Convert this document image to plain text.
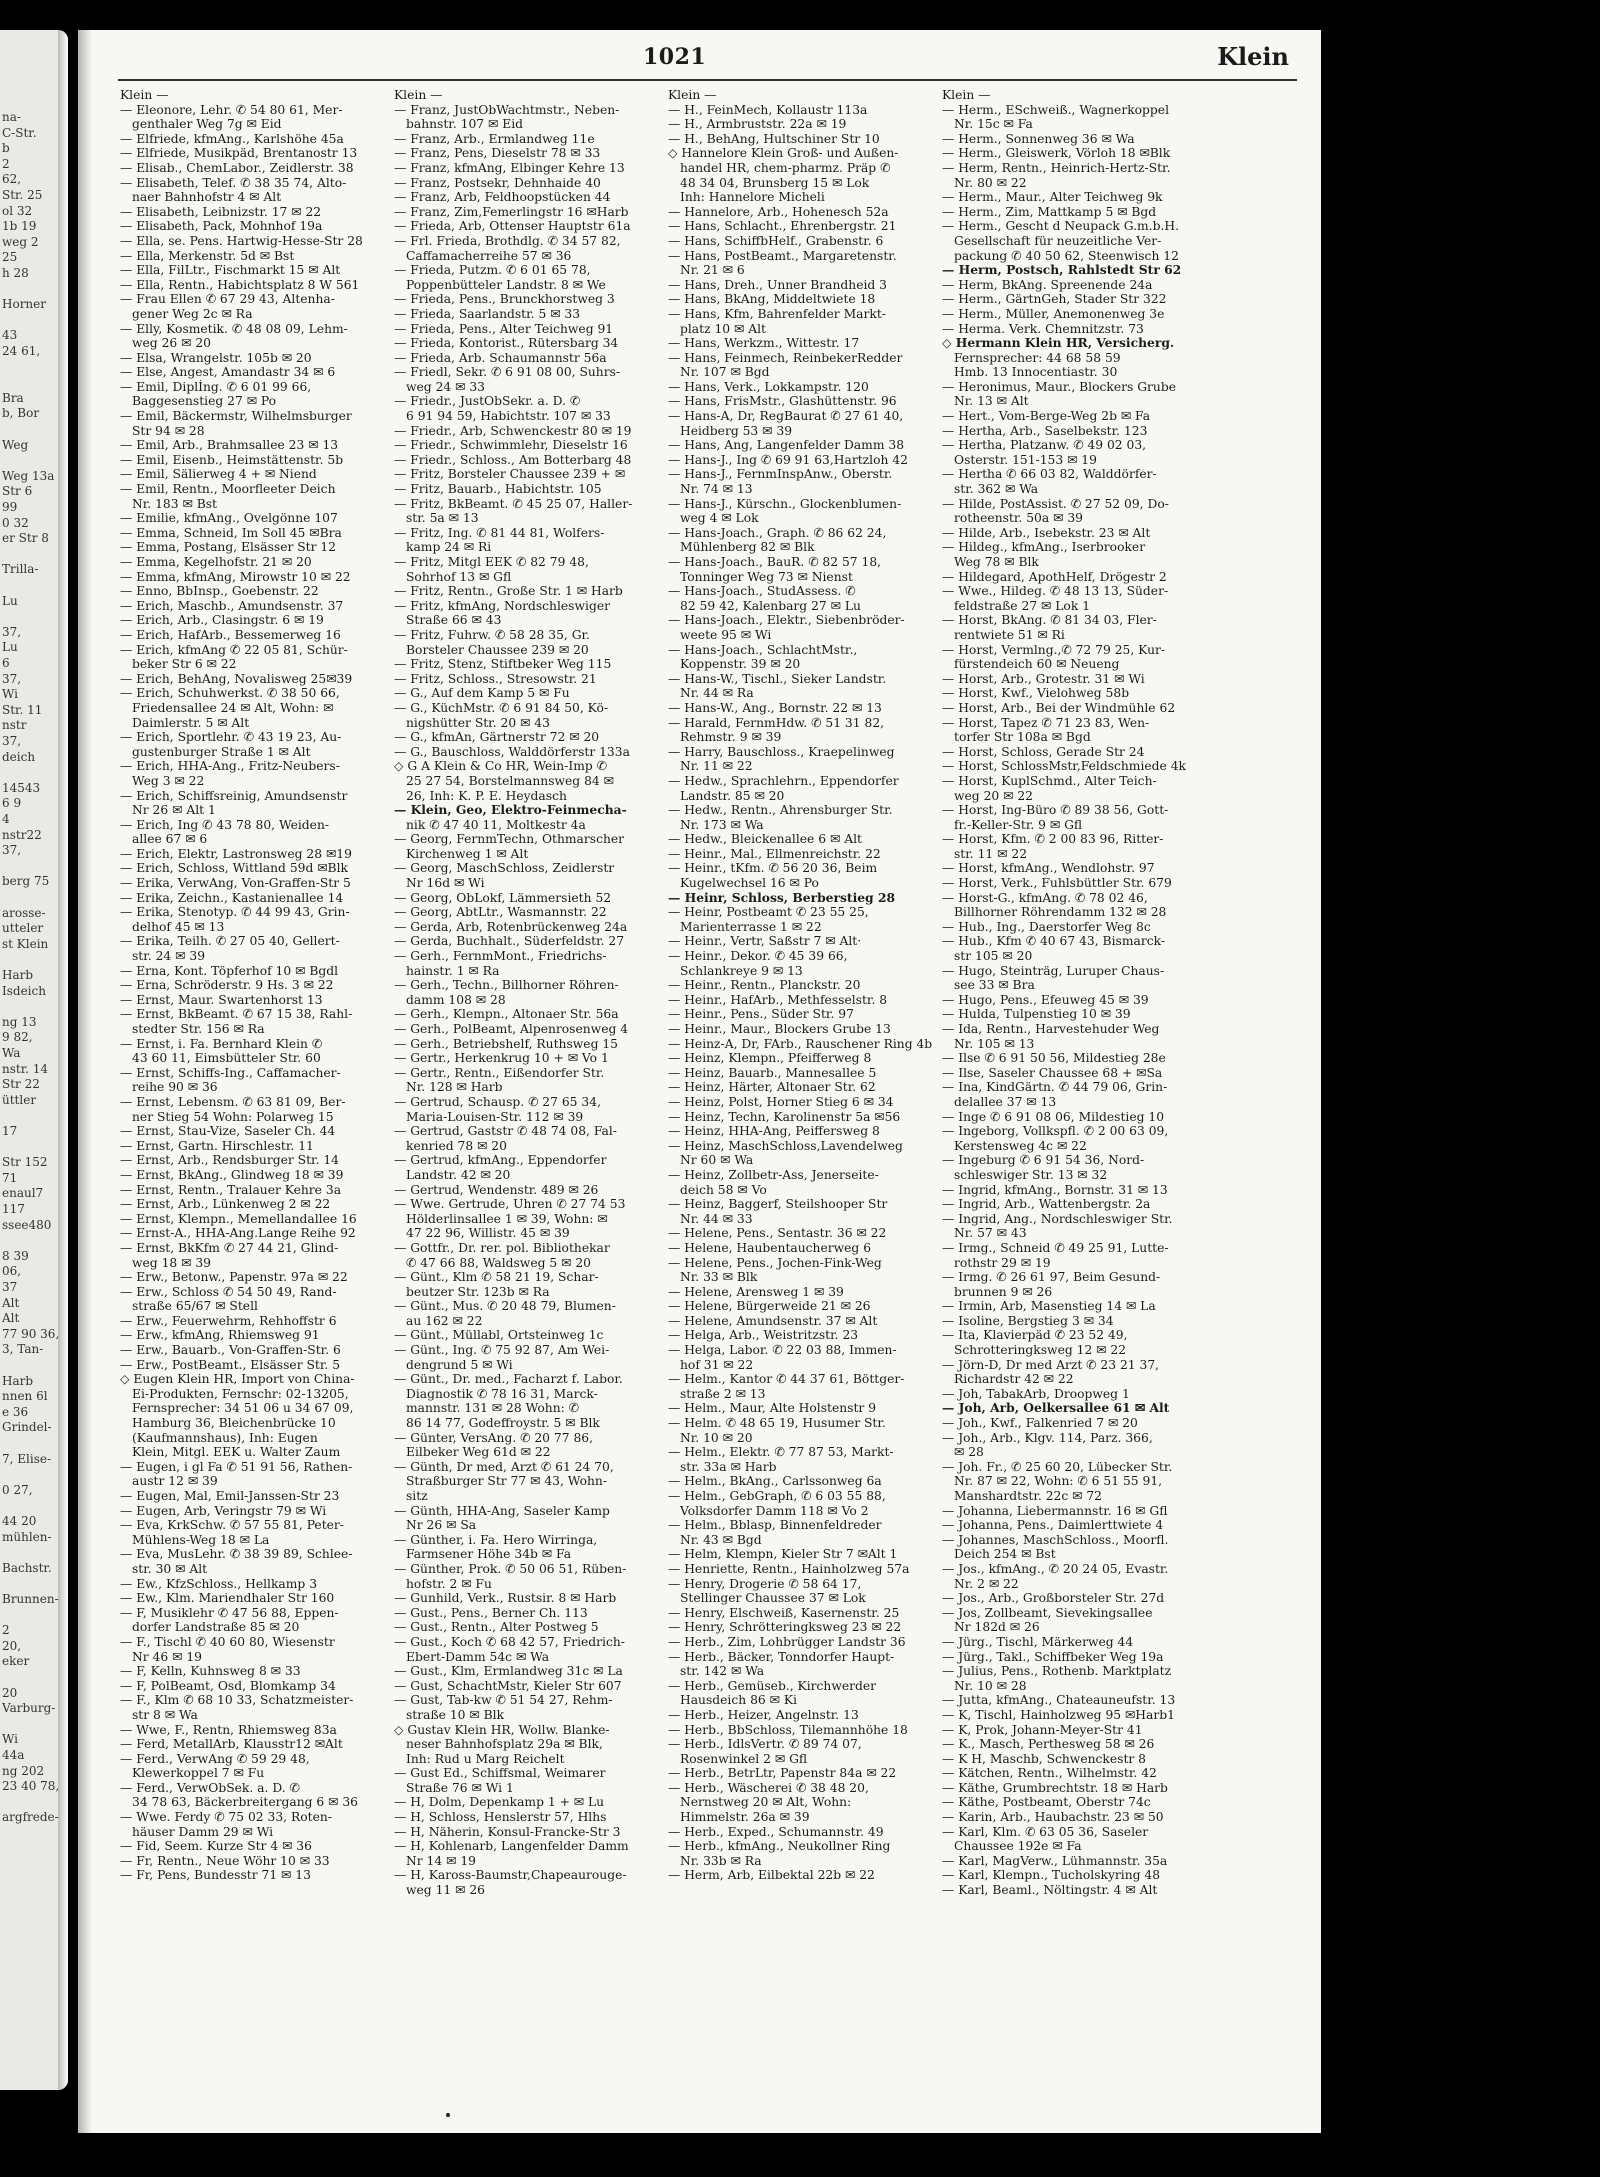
na-
C-Str.
b
2
62,
Str. 25
ol 32
1b 19
weg 2
25
h 28
Horner
43
24 61,
Bra
b, Bor
Weg
Weg 13a
Str 6
99
0 32
er Str 8
Trilla-
Lu
37,
Lu
6
37,
Wi
Str. 11
nstr
37,
deich
14543
6 9
4
nstr22
37,
berg 75
arosse-
utteler
st Klein
Harb
Isdeich
ng 13
9 82,
Wa
nstr. 14
Str 22
üttler
17
Str 152
71
enaul7
117
ssee480
8 39
06,
37
Alt
Alt
77 90 36,
3, Tan-
Harb
nnen 6l
e 36
Grindel-
7, Elise-
0 27,
44 20
mühlen-
Bachstr.
Brunnen-
2
20,
eker
20
Varburg-
Wi
44a
ng 202
23 40 78,
argfrede-
1021	Klein
Klein —
— Eleonore, Lehr. ✆ 54 80 61, Mer-
genthaler Weg 7g ✉ Eid
— Elfriede, kfmAng., Karlshöhe 45a
— Elfriede, Musikpäd, Brentanostr 13
— Elisab., ChemLabor., Zeidlerstr. 38
— Elisabeth, Telef. ✆ 38 35 74, Alto-
naer Bahnhofstr 4 ✉ Alt
— Elisabeth, Leibnizstr. 17 ✉ 22
— Elisabeth, Pack, Mohnhof 19a
— Ella, se. Pens. Hartwig-Hesse-Str 28
— Ella, Merkenstr. 5d ✉ Bst
— Ella, FilLtr., Fischmarkt 15 ✉ Alt
— Ella, Rentn., Habichtsplatz 8 W 561
— Frau Ellen ✆ 67 29 43, Altenha-
gener Weg 2c ✉ Ra
— Elly, Kosmetik. ✆ 48 08 09, Lehm-
weg 26 ✉ 20
— Elsa, Wrangelstr. 105b ✉ 20
— Else, Angest, Amandastr 34 ✉ 6
— Emil, Diplİng. ✆ 6 01 99 66,
Baggesenstieg 27 ✉ Po
— Emil, Bäckermstr, Wilhelmsburger
Str 94 ✉ 28
— Emil, Arb., Brahmsallee 23 ✉ 13
— Emil, Eisenb., Heimstättenstr. 5b
— Emil, Sälierweg 4 + ✉ Niend
— Emil, Rentn., Moorfleeter Deich
Nr. 183 ✉ Bst
— Emilie, kfmAng., Ovelgönne 107
— Emma, Schneid, Im Soll 45 ✉Bra
— Emma, Postang, Elsässer Str 12
— Emma, Kegelhofstr. 21 ✉ 20
— Emma, kfmAng, Mirowstr 10 ✉ 22
— Enno, BbInsp., Goebenstr. 22
— Erich, Maschb., Amundsenstr. 37
— Erich, Arb., Clasingstr. 6 ✉ 19
— Erich, HafArb., Bessemerweg 16
— Erich, kfmAng ✆ 22 05 81, Schür-
beker Str 6 ✉ 22
— Erich, BehAng, Novalisweg 25✉39
— Erich, Schuhwerkst. ✆ 38 50 66,
Friedensallee 24 ✉ Alt, Wohn: ✉
Daimlerstr. 5 ✉ Alt
— Erich, Sportlehr. ✆ 43 19 23, Au-
gustenburger Straße 1 ✉ Alt
— Erich, HHA-Ang., Fritz-Neubers-
Weg 3 ✉ 22
— Erich, Schiffsreinig, Amundsenstr
Nr 26 ✉ Alt 1
— Erich, Ing ✆ 43 78 80, Weiden-
allee 67 ✉ 6
— Erich, Elektr, Lastronsweg 28 ✉19
— Erich, Schloss, Wittland 59d ✉Blk
— Erika, VerwAng, Von-Graffen-Str 5
— Erika, Zeichn., Kastanienallee 14
— Erika, Stenotyp. ✆ 44 99 43, Grin-
delhof 45 ✉ 13
— Erika, Teilh. ✆ 27 05 40, Gellert-
str. 24 ✉ 39
— Erna, Kont. Töpferhof 10 ✉ Bgdl
— Erna, Schröderstr. 9 Hs. 3 ✉ 22
— Ernst, Maur. Swartenhorst 13
— Ernst, BkBeamt. ✆ 67 15 38, Rahl-
stedter Str. 156 ✉ Ra
— Ernst, i. Fa. Bernhard Klein ✆
43 60 11, Eimsbütteler Str. 60
— Ernst, Schiffs-Ing., Caffamacher-
reihe 90 ✉ 36
— Ernst, Lebensm. ✆ 63 81 09, Ber-
ner Stieg 54 Wohn: Polarweg 15
— Ernst, Stau-Vize, Saseler Ch. 44
— Ernst, Gartn. Hirschlestr. 11
— Ernst, Arb., Rendsburger Str. 14
— Ernst, BkAng., Glindweg 18 ✉ 39
— Ernst, Rentn., Tralauer Kehre 3a
— Ernst, Arb., Lünkenweg 2 ✉ 22
— Ernst, Klempn., Memellandallee 16
— Ernst-A., HHA-Ang.Lange Reihe 92
— Ernst, BkKfm ✆ 27 44 21, Glind-
weg 18 ✉ 39
— Erw., Betonw., Papenstr. 97a ✉ 22
— Erw., Schloss ✆ 54 50 49, Rand-
straße 65/67 ✉ Stell
— Erw., Feuerwehrm, Rehhoffstr 6
— Erw., kfmAng, Rhiemsweg 91
— Erw., Bauarb., Von-Graffen-Str. 6
— Erw., PostBeamt., Elsässer Str. 5
◇ Eugen Klein HR, Import von China-
Ei-Produkten, Fernschr: 02-13205,
Fernsprecher: 34 51 06 u 34 67 09,
Hamburg 36, Bleichenbrücke 10
(Kaufmannshaus), Inh: Eugen
Klein, Mitgl. EEK u. Walter Zaum
— Eugen, i gl Fa ✆ 51 91 56, Rathen-
austr 12 ✉ 39
— Eugen, Mal, Emil-Janssen-Str 23
— Eugen, Arb, Veringstr 79 ✉ Wi
— Eva, KrkSchw. ✆ 57 55 81, Peter-
Mühlens-Weg 18 ✉ La
— Eva, MusLehr. ✆ 38 39 89, Schlee-
str. 30 ✉ Alt
— Ew., KfzSchloss., Hellkamp 3
— Ew., Klm. Mariendhaler Str 160
— F, Musiklehr ✆ 47 56 88, Eppen-
dorfer Landstraße 85 ✉ 20
— F., Tischl ✆ 40 60 80, Wiesenstr
Nr 46 ✉ 19
— F, Kelln, Kuhnsweg 8 ✉ 33
— F, PolBeamt, Osd, Blomkamp 34
— F., Klm ✆ 68 10 33, Schatzmeister-
str 8 ✉ Wa
— Wwe, F., Rentn, Rhiemsweg 83a
— Ferd, MetallArb, Klausstr12 ✉Alt
— Ferd., VerwAng ✆ 59 29 48,
Klewerkoppel 7 ✉ Fu
— Ferd., VerwObSek. a. D. ✆
34 78 63, Bäckerbreitergang 6 ✉ 36
— Wwe. Ferdy ✆ 75 02 33, Roten-
häuser Damm 29 ✉ Wi
— Fid, Seem. Kurze Str 4 ✉ 36
— Fr, Rentn., Neue Wöhr 10 ✉ 33
— Fr, Pens, Bundesstr 71 ✉ 13
Klein —
— Franz, JustObWachtmstr., Neben-
bahnstr. 107 ✉ Eid
— Franz, Arb., Ermlandweg 11e
— Franz, Pens, Dieselstr 78 ✉ 33
— Franz, kfmAng, Elbinger Kehre 13
— Franz, Postsekr, Dehnhaide 40
— Franz, Arb, Feldhoopstücken 44
— Franz, Zim,Femerlingstr 16 ✉Harb
— Frieda, Arb, Ottenser Hauptstr 61a
— Frl. Frieda, Brothdlg. ✆ 34 57 82,
Caffamacherreihe 57 ✉ 36
— Frieda, Putzm. ✆ 6 01 65 78,
Poppenbütteler Landstr. 8 ✉ We
— Frieda, Pens., Brunckhorstweg 3
— Frieda, Saarlandstr. 5 ✉ 33
— Frieda, Pens., Alter Teichweg 91
— Frieda, Kontorist., Rütersbarg 34
— Frieda, Arb. Schaumannstr 56a
— Friedl, Sekr. ✆ 6 91 08 00, Suhrs-
weg 24 ✉ 33
— Friedr., JustObSekr. a. D. ✆
6 91 94 59, Habichtstr. 107 ✉ 33
— Friedr., Arb, Schwenckestr 80 ✉ 19
— Friedr., Schwimmlehr, Dieselstr 16
— Friedr., Schloss., Am Botterbarg 48
— Fritz, Borsteler Chaussee 239 + ✉
— Fritz, Bauarb., Habichtstr. 105
— Fritz, BkBeamt. ✆ 45 25 07, Haller-
str. 5a ✉ 13
— Fritz, Ing. ✆ 81 44 81, Wolfers-
kamp 24 ✉ Ri
— Fritz, Mitgl EEK ✆ 82 79 48,
Sohrhof 13 ✉ Gfl
— Fritz, Rentn., Große Str. 1 ✉ Harb
— Fritz, kfmAng, Nordschleswiger
Straße 66 ✉ 43
— Fritz, Fuhrw. ✆ 58 28 35, Gr.
Borsteler Chaussee 239 ✉ 20
— Fritz, Stenz, Stiftbeker Weg 115
— Fritz, Schloss., Stresowstr. 21
— G., Auf dem Kamp 5 ✉ Fu
— G., KüchMstr. ✆ 6 91 84 50, Kö-
nigshütter Str. 20 ✉ 43
— G., kfmAn, Gärtnerstr 72 ✉ 20
— G., Bauschloss, Walddörferstr 133a
◇ G A Klein & Co HR, Wein-Imp ✆
25 27 54, Borstelmannsweg 84 ✉
26, Inh: K. P. E. Heydasch
— Klein, Geo, Elektro-Feinmecha-
nik ✆ 47 40 11, Moltkestr 4a
— Georg, FernmTechn, Othmarscher
Kirchenweg 1 ✉ Alt
— Georg, MaschSchloss, Zeidlerstr
Nr 16d ✉ Wi
— Georg, ObLokf, Lämmersieth 52
— Georg, AbtLtr., Wasmannstr. 22
— Gerda, Arb, Rotenbrückenweg 24a
— Gerda, Buchhalt., Süderfeldstr. 27
— Gerh., FernmMont., Friedrichs-
hainstr. 1 ✉ Ra
— Gerh., Techn., Billhorner Röhren-
damm 108 ✉ 28
— Gerh., Klempn., Altonaer Str. 56a
— Gerh., PolBeamt, Alpenrosenweg 4
— Gerh., Betriebshelf, Ruthsweg 15
— Gertr., Herkenkrug 10 + ✉ Vo 1
— Gertr., Rentn., Eißendorfer Str.
Nr. 128 ✉ Harb
— Gertrud, Schausp. ✆ 27 65 34,
Maria-Louisen-Str. 112 ✉ 39
— Gertrud, Gaststr ✆ 48 74 08, Fal-
kenried 78 ✉ 20
— Gertrud, kfmAng., Eppendorfer
Landstr. 42 ✉ 20
— Gertrud, Wendenstr. 489 ✉ 26
— Wwe. Gertrude, Uhren ✆ 27 74 53
Hölderlinsallee 1 ✉ 39, Wohn: ✉
47 22 96, Willistr. 45 ✉ 39
— Gottfr., Dr. rer. pol. Bibliothekar
✆ 47 66 88, Waldsweg 5 ✉ 20
— Günt., Klm ✆ 58 21 19, Schar-
beutzer Str. 123b ✉ Ra
— Günt., Mus. ✆ 20 48 79, Blumen-
au 162 ✉ 22
— Günt., Müllabl, Ortsteinweg 1c
— Günt., Ing. ✆ 75 92 87, Am Wei-
dengrund 5 ✉ Wi
— Günt., Dr. med., Facharzt f. Labor.
Diagnostik ✆ 78 16 31, Marck-
mannstr. 131 ✉ 28 Wohn: ✆
86 14 77, Godeffroystr. 5 ✉ Blk
— Günter, VersAng. ✆ 20 77 86,
Eilbeker Weg 61d ✉ 22
— Günth, Dr med, Arzt ✆ 61 24 70,
Straßburger Str 77 ✉ 43, Wohn-
sitz
— Günth, HHA-Ang, Saseler Kamp
Nr 26 ✉ Sa
— Günther, i. Fa. Hero Wirringa,
Farmsener Höhe 34b ✉ Fa
— Günther, Prok. ✆ 50 06 51, Rüben-
hofstr. 2 ✉ Fu
— Gunhild, Verk., Rustsir. 8 ✉ Harb
— Gust., Pens., Berner Ch. 113
— Gust., Rentn., Alter Postweg 5
— Gust., Koch ✆ 68 42 57, Friedrich-
Ebert-Damm 54c ✉ Wa
— Gust., Klm, Ermlandweg 31c ✉ La
— Gust, SchachtMstr, Kieler Str 607
— Gust, Tab-kw ✆ 51 54 27, Rehm-
straße 10 ✉ Blk
◇ Gustav Klein HR, Wollw. Blanke-
neser Bahnhofsplatz 29a ✉ Blk,
Inh: Rud u Marg Reichelt
— Gust Ed., Schiffsmal, Weimarer
Straße 76 ✉ Wi 1
— H, Dolm, Depenkamp 1 + ✉ Lu
— H, Schloss, Henslerstr 57, Hlhs
— H, Näherin, Konsul-Francke-Str 3
— H, Kohlenarb, Langenfelder Damm
Nr 14 ✉ 19
— H, Kaross-Baumstr,Chapeaurouge-
weg 11 ✉ 26
Klein —
— H., FeinMech, Kollaustr 113a
— H., Armbruststr. 22a ✉ 19
— H., BehAng, Hultschiner Str 10
◇ Hannelore Klein Groß- und Außen-
handel HR, chem-pharmz. Präp ✆
48 34 04, Brunsberg 15 ✉ Lok
Inh: Hannelore Micheli
— Hannelore, Arb., Hohenesch 52a
— Hans, Schlacht., Ehrenbergstr. 21
— Hans, SchiffbHelf., Grabenstr. 6
— Hans, PostBeamt., Margaretenstr.
Nr. 21 ✉ 6
— Hans, Dreh., Unner Brandheid 3
— Hans, BkAng, Middeltwiete 18
— Hans, Kfm, Bahrenfelder Markt-
platz 10 ✉ Alt
— Hans, Werkzm., Wittestr. 17
— Hans, Feinmech, ReinbekerRedder
Nr. 107 ✉ Bgd
— Hans, Verk., Lokkampstr. 120
— Hans, FrisMstr., Glashüttenstr. 96
— Hans-A, Dr, RegBaurat ✆ 27 61 40,
Heidberg 53 ✉ 39
— Hans, Ang, Langenfelder Damm 38
— Hans-J., Ing ✆ 69 91 63,Hartzloh 42
— Hans-J., FernmInspAnw., Oberstr.
Nr. 74 ✉ 13
— Hans-J., Kürschn., Glockenblumen-
weg 4 ✉ Lok
— Hans-Joach., Graph. ✆ 86 62 24,
Mühlenberg 82 ✉ Blk
— Hans-Joach., BauR. ✆ 82 57 18,
Tonninger Weg 73 ✉ Nienst
— Hans-Joach., StudAssess. ✆
82 59 42, Kalenbarg 27 ✉ Lu
— Hans-Joach., Elektr., Siebenbröder-
weete 95 ✉ Wi
— Hans-Joach., SchlachtMstr.,
Koppenstr. 39 ✉ 20
— Hans-W., Tischl., Sieker Landstr.
Nr. 44 ✉ Ra
— Hans-W., Ang., Bornstr. 22 ✉ 13
— Harald, FernmHdw. ✆ 51 31 82,
Rehmstr. 9 ✉ 39
— Harry, Bauschloss., Kraepelinweg
Nr. 11 ✉ 22
— Hedw., Sprachlehrn., Eppendorfer
Landstr. 85 ✉ 20
— Hedw., Rentn., Ahrensburger Str.
Nr. 173 ✉ Wa
— Hedw., Bleickenallee 6 ✉ Alt
— Heinr., Mal., Ellmenreichstr. 22
— Heinr., tKfm. ✆ 56 20 36, Beim
Kugelwechsel 16 ✉ Po
— Heinr, Schloss, Berberstieg 28
— Heinr, Postbeamt ✆ 23 55 25,
Marienterrasse 1 ✉ 22
— Heinr., Vertr, Saßstr 7 ✉ Alt·
— Heinr., Dekor. ✆ 45 39 66,
Schlankreye 9 ✉ 13
— Heinr., Rentn., Planckstr. 20
— Heinr., HafArb., Methfesselstr. 8
— Heinr., Pens., Süder Str. 97
— Heinr., Maur., Blockers Grube 13
— Heinz-A, Dr, FArb., Rauschener Ring 4b
— Heinz, Klempn., Pfeifferweg 8
— Heinz, Bauarb., Mannesallee 5
— Heinz, Härter, Altonaer Str. 62
— Heinz, Polst, Horner Stieg 6 ✉ 34
— Heinz, Techn, Karolinenstr 5a ✉56
— Heinz, HHA-Ang, Peiffersweg 8
— Heinz, MaschSchloss,Lavendelweg
Nr 60 ✉ Wa
— Heinz, Zollbetr-Ass, Jenerseite-
deich 58 ✉ Vo
— Heinz, Baggerf, Steilshooper Str
Nr. 44 ✉ 33
— Helene, Pens., Sentastr. 36 ✉ 22
— Helene, Haubentaucherweg 6
— Helene, Pens., Jochen-Fink-Weg
Nr. 33 ✉ Blk
— Helene, Arensweg 1 ✉ 39
— Helene, Bürgerweide 21 ✉ 26
— Helene, Amundsenstr. 37 ✉ Alt
— Helga, Arb., Weistritzstr. 23
— Helga, Labor. ✆ 22 03 88, Immen-
hof 31 ✉ 22
— Helm., Kantor ✆ 44 37 61, Böttger-
straße 2 ✉ 13
— Helm., Maur, Alte Holstenstr 9
— Helm. ✆ 48 65 19, Husumer Str.
Nr. 10 ✉ 20
— Helm., Elektr. ✆ 77 87 53, Markt-
str. 33a ✉ Harb
— Helm., BkAng., Carlssonweg 6a
— Helm., GebGraph, ✆ 6 03 55 88,
Volksdorfer Damm 118 ✉ Vo 2
— Helm., Bblasp, Binnenfeldreder
Nr. 43 ✉ Bgd
— Helm, Klempn, Kieler Str 7 ✉Alt 1
— Henriette, Rentn., Hainholzweg 57a
— Henry, Drogerie ✆ 58 64 17,
Stellinger Chaussee 37 ✉ Lok
— Henry, Elschweiß, Kasernenstr. 25
— Henry, Schrötteringksweg 23 ✉ 22
— Herb., Zim, Lohbrügger Landstr 36
— Herb., Bäcker, Tonndorfer Haupt-
str. 142 ✉ Wa
— Herb., Gemüseb., Kirchwerder
Hausdeich 86 ✉ Ki
— Herb., Heizer, Angelnstr. 13
— Herb., BbSchloss, Tilemannhöhe 18
— Herb., IdlsVertr. ✆ 89 74 07,
Rosenwinkel 2 ✉ Gfl
— Herb., BetrLtr, Papenstr 84a ✉ 22
— Herb., Wäscherei ✆ 38 48 20,
Nernstweg 20 ✉ Alt, Wohn:
Himmelstr. 26a ✉ 39
— Herb., Exped., Schumannstr. 49
— Herb., kfmAng., Neukollner Ring
Nr. 33b ✉ Ra
— Herm, Arb, Eilbektal 22b ✉ 22
Klein —
— Herm., ESchweiß., Wagnerkoppel
Nr. 15c ✉ Fa
— Herm., Sonnenweg 36 ✉ Wa
— Herm., Gleiswerk, Vörloh 18 ✉Blk
— Herm, Rentn., Heinrich-Hertz-Str.
Nr. 80 ✉ 22
— Herm., Maur., Alter Teichweg 9k
— Herm., Zim, Mattkamp 5 ✉ Bgd
— Herm., Gescht d Neupack G.m.b.H.
Gesellschaft für neuzeitliche Ver-
packung ✆ 40 50 62, Steenwisch 12
— Herm, Postsch, Rahlstedt Str 62
— Herm, BkAng. Spreenende 24a
— Herm., GärtnGeh, Stader Str 322
— Herm., Müller, Anemonenweg 3e
— Herma. Verk. Chemnitzstr. 73
◇ Hermann Klein HR, Versicherg.
Fernsprecher: 44 68 58 59
Hmb. 13 Innocentiastr. 30
— Heronimus, Maur., Blockers Grube
Nr. 13 ✉ Alt
— Hert., Vom-Berge-Weg 2b ✉ Fa
— Hertha, Arb., Saselbekstr. 123
— Hertha, Platzanw. ✆ 49 02 03,
Osterstr. 151-153 ✉ 19
— Hertha ✆ 66 03 82, Walddörfer-
str. 362 ✉ Wa
— Hilde, PostAssist. ✆ 27 52 09, Do-
rotheenstr. 50a ✉ 39
— Hilde, Arb., Isebekstr. 23 ✉ Alt
— Hildeg., kfmAng., Iserbrooker
Weg 78 ✉ Blk
— Hildegard, ApothHelf, Drögestr 2
— Wwe., Hildeg. ✆ 48 13 13, Süder-
feldstraße 27 ✉ Lok 1
— Horst, BkAng. ✆ 81 34 03, Fler-
rentwiete 51 ✉ Ri
— Horst, Vermlng.,✆ 72 79 25, Kur-
fürstendeich 60 ✉ Neueng
— Horst, Arb., Grotestr. 31 ✉ Wi
— Horst, Kwf., Vielohweg 58b
— Horst, Arb., Bei der Windmühle 62
— Horst, Tapez ✆ 71 23 83, Wen-
torfer Str 108a ✉ Bgd
— Horst, Schloss, Gerade Str 24
— Horst, SchlossMstr,Feldschmiede 4k
— Horst, KuplSchmd., Alter Teich-
weg 20 ✉ 22
— Horst, Ing-Büro ✆ 89 38 56, Gott-
fr.-Keller-Str. 9 ✉ Gfl
— Horst, Kfm. ✆ 2 00 83 96, Ritter-
str. 11 ✉ 22
— Horst, kfmAng., Wendlohstr. 97
— Horst, Verk., Fuhlsbüttler Str. 679
— Horst-G., kfmAng. ✆ 78 02 46,
Billhorner Röhrendamm 132 ✉ 28
— Hub., Ing., Daerstorfer Weg 8c
— Hub., Kfm ✆ 40 67 43, Bismarck-
str 105 ✉ 20
— Hugo, Steinträg, Luruper Chaus-
see 33 ✉ Bra
— Hugo, Pens., Efeuweg 45 ✉ 39
— Hulda, Tulpenstieg 10 ✉ 39
— Ida, Rentn., Harvestehuder Weg
Nr. 105 ✉ 13
— Ilse ✆ 6 91 50 56, Mildestieg 28e
— Ilse, Saseler Chaussee 68 + ✉Sa
— Ina, KindGärtn. ✆ 44 79 06, Grin-
delallee 37 ✉ 13
— Inge ✆ 6 91 08 06, Mildestieg 10
— Ingeborg, Vollkspfl. ✆ 2 00 63 09,
Kerstensweg 4c ✉ 22
— Ingeburg ✆ 6 91 54 36, Nord-
schleswiger Str. 13 ✉ 32
— Ingrid, kfmAng., Bornstr. 31 ✉ 13
— Ingrid, Arb., Wattenbergstr. 2a
— Ingrid, Ang., Nordschleswiger Str.
Nr. 57 ✉ 43
— Irmg., Schneid ✆ 49 25 91, Lutte-
rothstr 29 ✉ 19
— Irmg. ✆ 26 61 97, Beim Gesund-
brunnen 9 ✉ 26
— Irmin, Arb, Masenstieg 14 ✉ La
— Isoline, Bergstieg 3 ✉ 34
— Ita, Klavierpäd ✆ 23 52 49,
Schrotteringksweg 12 ✉ 22
— Jörn-D, Dr med Arzt ✆ 23 21 37,
Richardstr 42 ✉ 22
— Joh, TabakArb, Droopweg 1
— Joh, Arb, Oelkersallee 61 ✉ Alt
— Joh., Kwf., Falkenried 7 ✉ 20
— Joh., Arb., Klgv. 114, Parz. 366,
✉ 28
— Joh. Fr., ✆ 25 60 20, Lübecker Str.
Nr. 87 ✉ 22, Wohn: ✆ 6 51 55 91,
Manshardtstr. 22c ✉ 72
— Johanna, Liebermannstr. 16 ✉ Gfl
— Johanna, Pens., Daimlerttwiete 4
— Johannes, MaschSchloss., Moorfl.
Deich 254 ✉ Bst
— Jos., kfmAng., ✆ 20 24 05, Evastr.
Nr. 2 ✉ 22
— Jos., Arb., Großborsteler Str. 27d
— Jos, Zollbeamt, Sievekingsallee
Nr 182d ✉ 26
— Jürg., Tischl, Märkerweg 44
— Jürg., Takl., Schiffbeker Weg 19a
— Julius, Pens., Rothenb. Marktplatz
Nr. 10 ✉ 28
— Jutta, kfmAng., Chateauneufstr. 13
— K, Tischl, Hainholzweg 95 ✉Harb1
— K, Prok, Johann-Meyer-Str 41
— K., Masch, Perthesweg 58 ✉ 26
— K H, Maschb, Schwenckestr 8
— Kätchen, Rentn., Wilhelmstr. 42
— Käthe, Grumbrechtstr. 18 ✉ Harb
— Käthe, Postbeamt, Oberstr 74c
— Karin, Arb., Haubachstr. 23 ✉ 50
— Karl, Klm. ✆ 63 05 36, Saseler
Chaussee 192e ✉ Fa
— Karl, MagVerw., Lühmannstr. 35a
— Karl, Klempn., Tucholskyring 48
— Karl, Beaml., Nöltingstr. 4 ✉ Alt
